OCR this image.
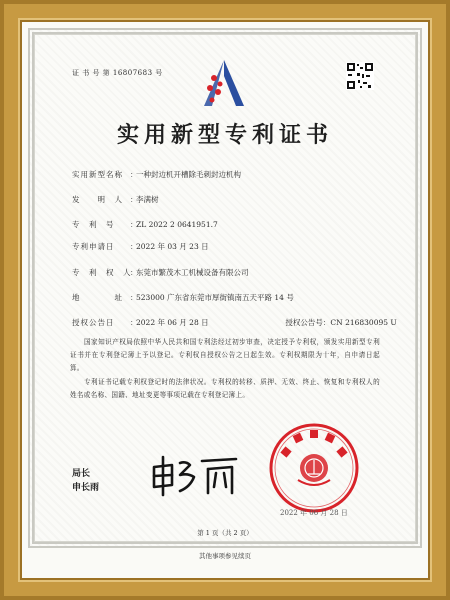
证 书 号 第 16807683 号
实用新型专利证书
实用新型名称 ：一种封边机开槽除毛刺封边机构
发　　明　人 ：李满树
专　利　号 ：ZL 2022 2 0641951.7
专利申请日 ：2022 年 03 月 23 日
专　利　权　人：东莞市繁茂木工机械设备有限公司
地　　　　址 ：523000 广东省东莞市厚街镇南五天平路 14 号
授权公告日 ：2022 年 06 月 28 日	授权公告号：CN 216830095 U
国家知识产权局依照中华人民共和国专利法经过初步审查，决定授予专利权，颁发实用新型专利证书并在专利登记簿上予以登记。专利权自授权公告之日起生效。专利权期限为十年，自申请日起算。
专利证书记载专利权登记时的法律状况。专利权的转移、质押、无效、终止、恢复和专利权人的姓名或名称、国籍、地址变更等事项记载在专利登记簿上。
局长
申长雨
2022 年 06 月 28 日
第 1 页（共 2 页）
其他事项参见续页
